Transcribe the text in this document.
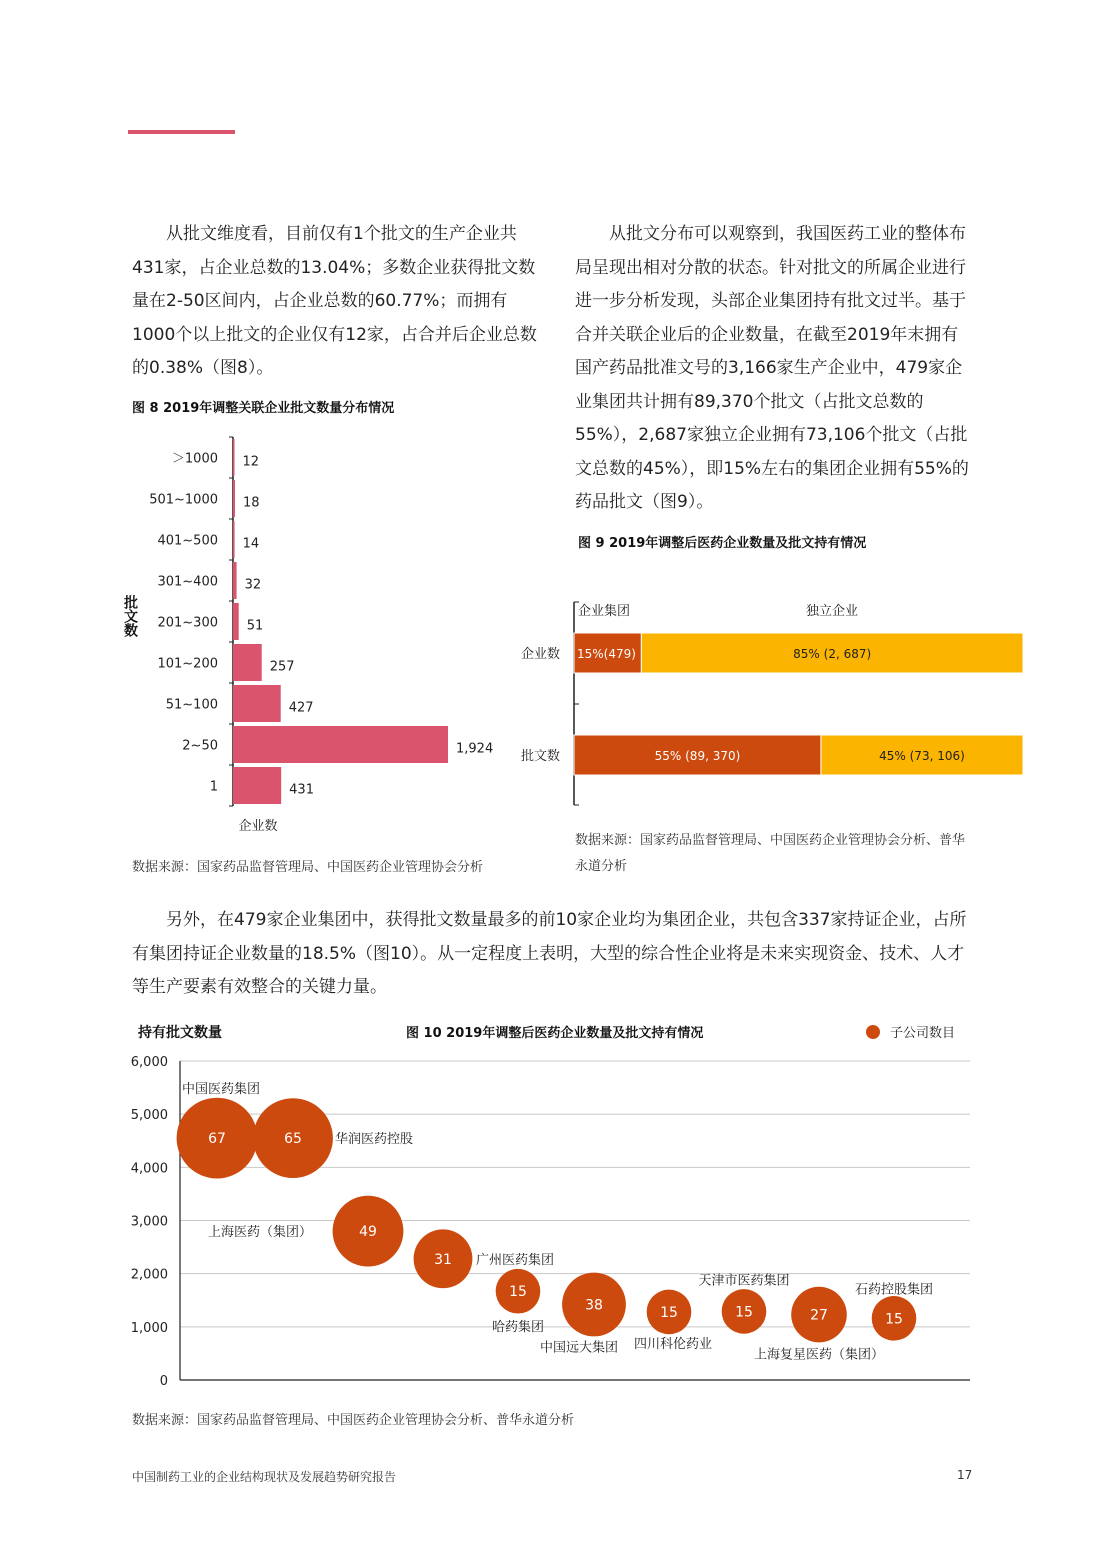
从批文维度看，目前仅有1个批文的生产企业共431家，占企业总数的13.04%；多数企业获得批文数量在2-50区间内，占企业总数的60.77%；而拥有1000个以上批文的企业仅有12家，占合并后企业总数的0.38%（图8）。

从批文分布可以观察到，我国医药工业的整体布局呈现出相对分散的状态。针对批文的所属企业进行进一步分析发现，头部企业集团持有批文过半。基于合并关联企业后的企业数量，在截至2019年末拥有国产药品批准文号的3,166家生产企业中，479家企业集团共计拥有89,370个批文（占批文总数的55%），2,687家独立企业拥有73,106个批文（占批文总数的45%），即15%左右的集团企业拥有55%的药品批文（图9）。

图 8 2019年调整关联企业批文数量分布情况
＞1000 12
501~1000 18
401~500 14
301~400 32
201~300 51
101~200	257
51~100	427
2~50	1,924
1	431
批文数
企业数
数据来源：国家药品监督管理局、中国医药企业管理协会分析
图 9 2019年调整后医药企业数量及批文持有情况
企业集团	独立企业
企业数 15%(479)	85% (2, 687)
批文数	55% (89, 370)	45% (73, 106)
数据来源：国家药品监督管理局、中国医药企业管理协会分析、普华永道分析

另外，在479家企业集团中，获得批文数量最多的前10家企业均为集团企业，共包含337家持证企业，占所有集团持证企业数量的18.5%（图10）。从一定程度上表明，大型的综合性企业将是未来实现资金、技术、人才等生产要素有效整合的关键力量。

持有批文数量	图 10 2019年调整后医药企业数量及批文持有情况	子公司数目
0
1,000
2,000
3,000
4,000
5,000
6,000
67
中国医药集团
65	华润医药控股
49
上海医药（集团）
31 广州医药集团
15
哈药集团
38
中国远大集团
15
四川科伦药业
15
天津市医药集团
27
上海复星医药（集团）
15
石药控股集团
数据来源：国家药品监督管理局、中国医药企业管理协会分析、普华永道分析
中国制药工业的企业结构现状及发展趋势研究报告	17
